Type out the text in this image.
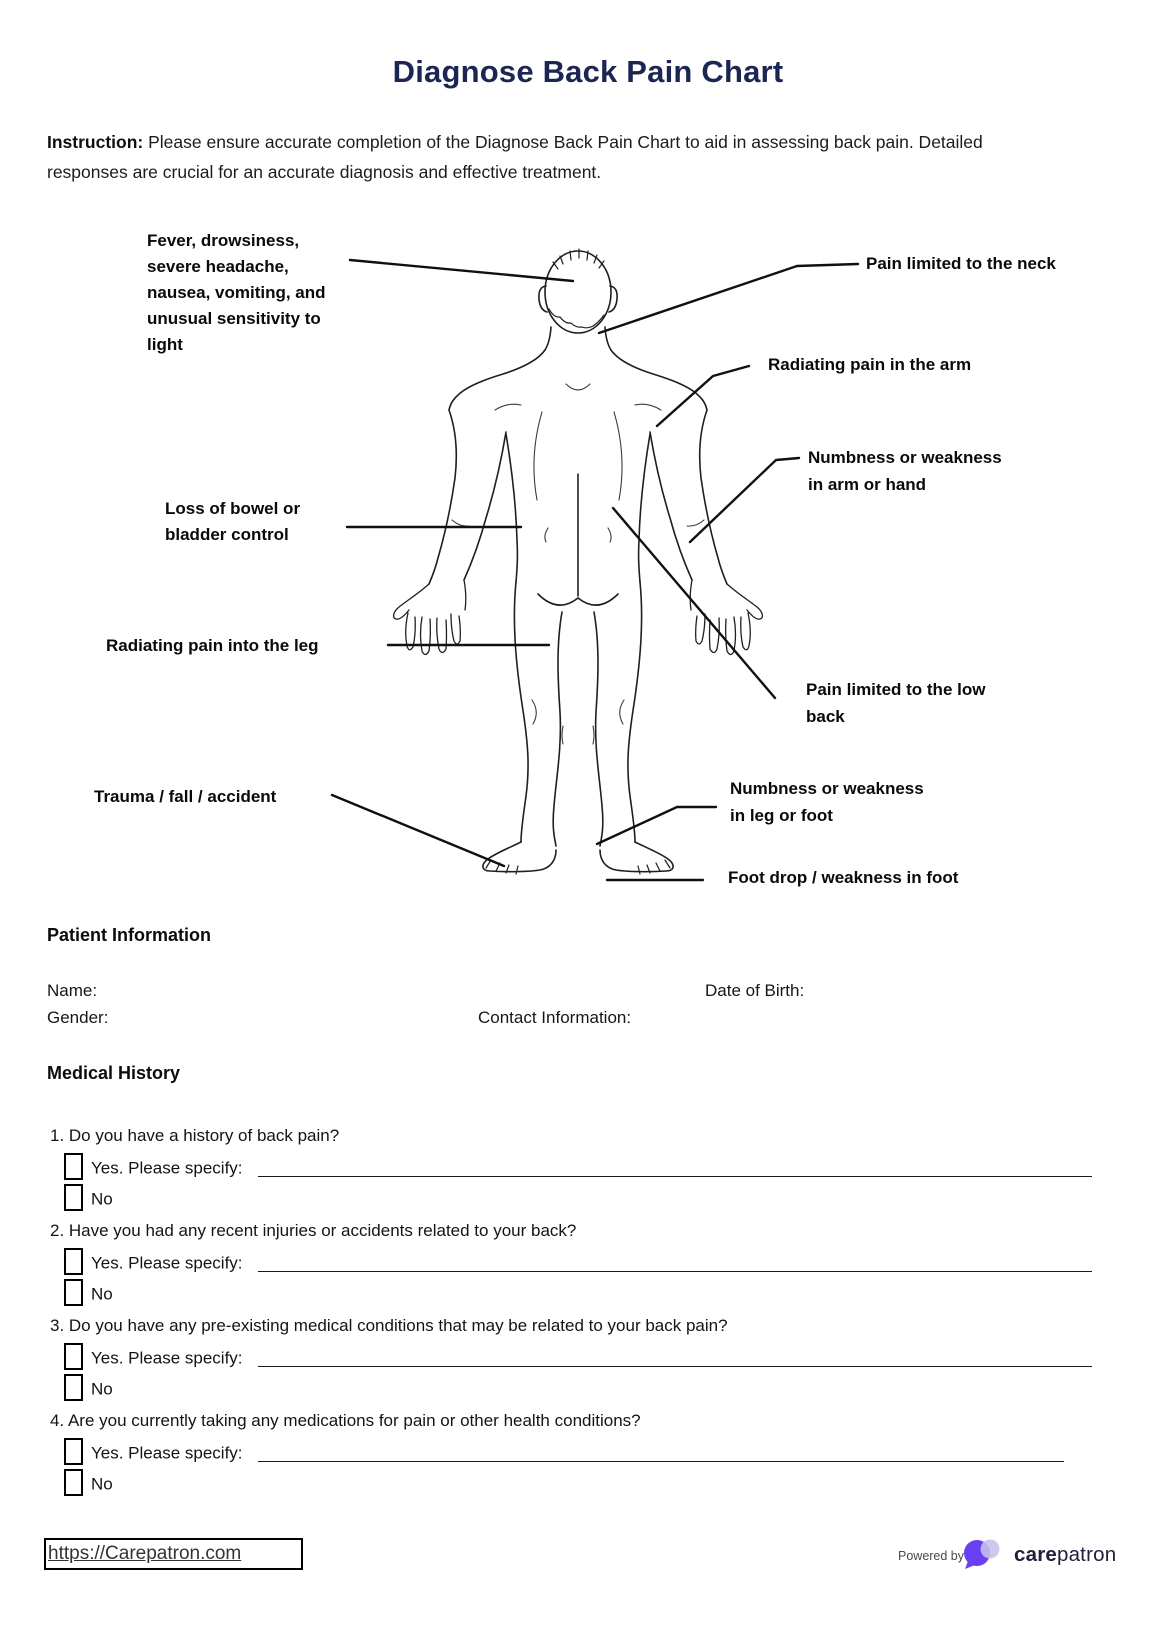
Diagnose Back Pain Chart
Instruction: Please ensure accurate completion of the Diagnose Back Pain Chart to aid in assessing back pain. Detailed responses are crucial for an accurate diagnosis and effective treatment.
Fever, drowsiness, severe headache, nausea, vomiting, and unusual sensitivity to light
Pain limited to the neck
Radiating pain in the arm
Numbness or weakness in arm or hand
Loss of bowel or bladder control
Radiating pain into the leg
Pain limited to the low back
Trauma / fall / accident	Numbness or weakness in leg or foot
Foot drop / weakness in foot
Patient Information
Name:	Date of Birth:
Gender:	Contact Information:
Medical History
1. Do you have a history of back pain?
Yes. Please specify:
No
2. Have you had any recent injuries or accidents related to your back?
Yes. Please specify:
No
3. Do you have any pre-existing medical conditions that may be related to your back pain?
Yes. Please specify:
No
4. Are you currently taking any medications for pain or other health conditions?
Yes. Please specify:
No
https://Carepatron.com	Powered by carepatron
